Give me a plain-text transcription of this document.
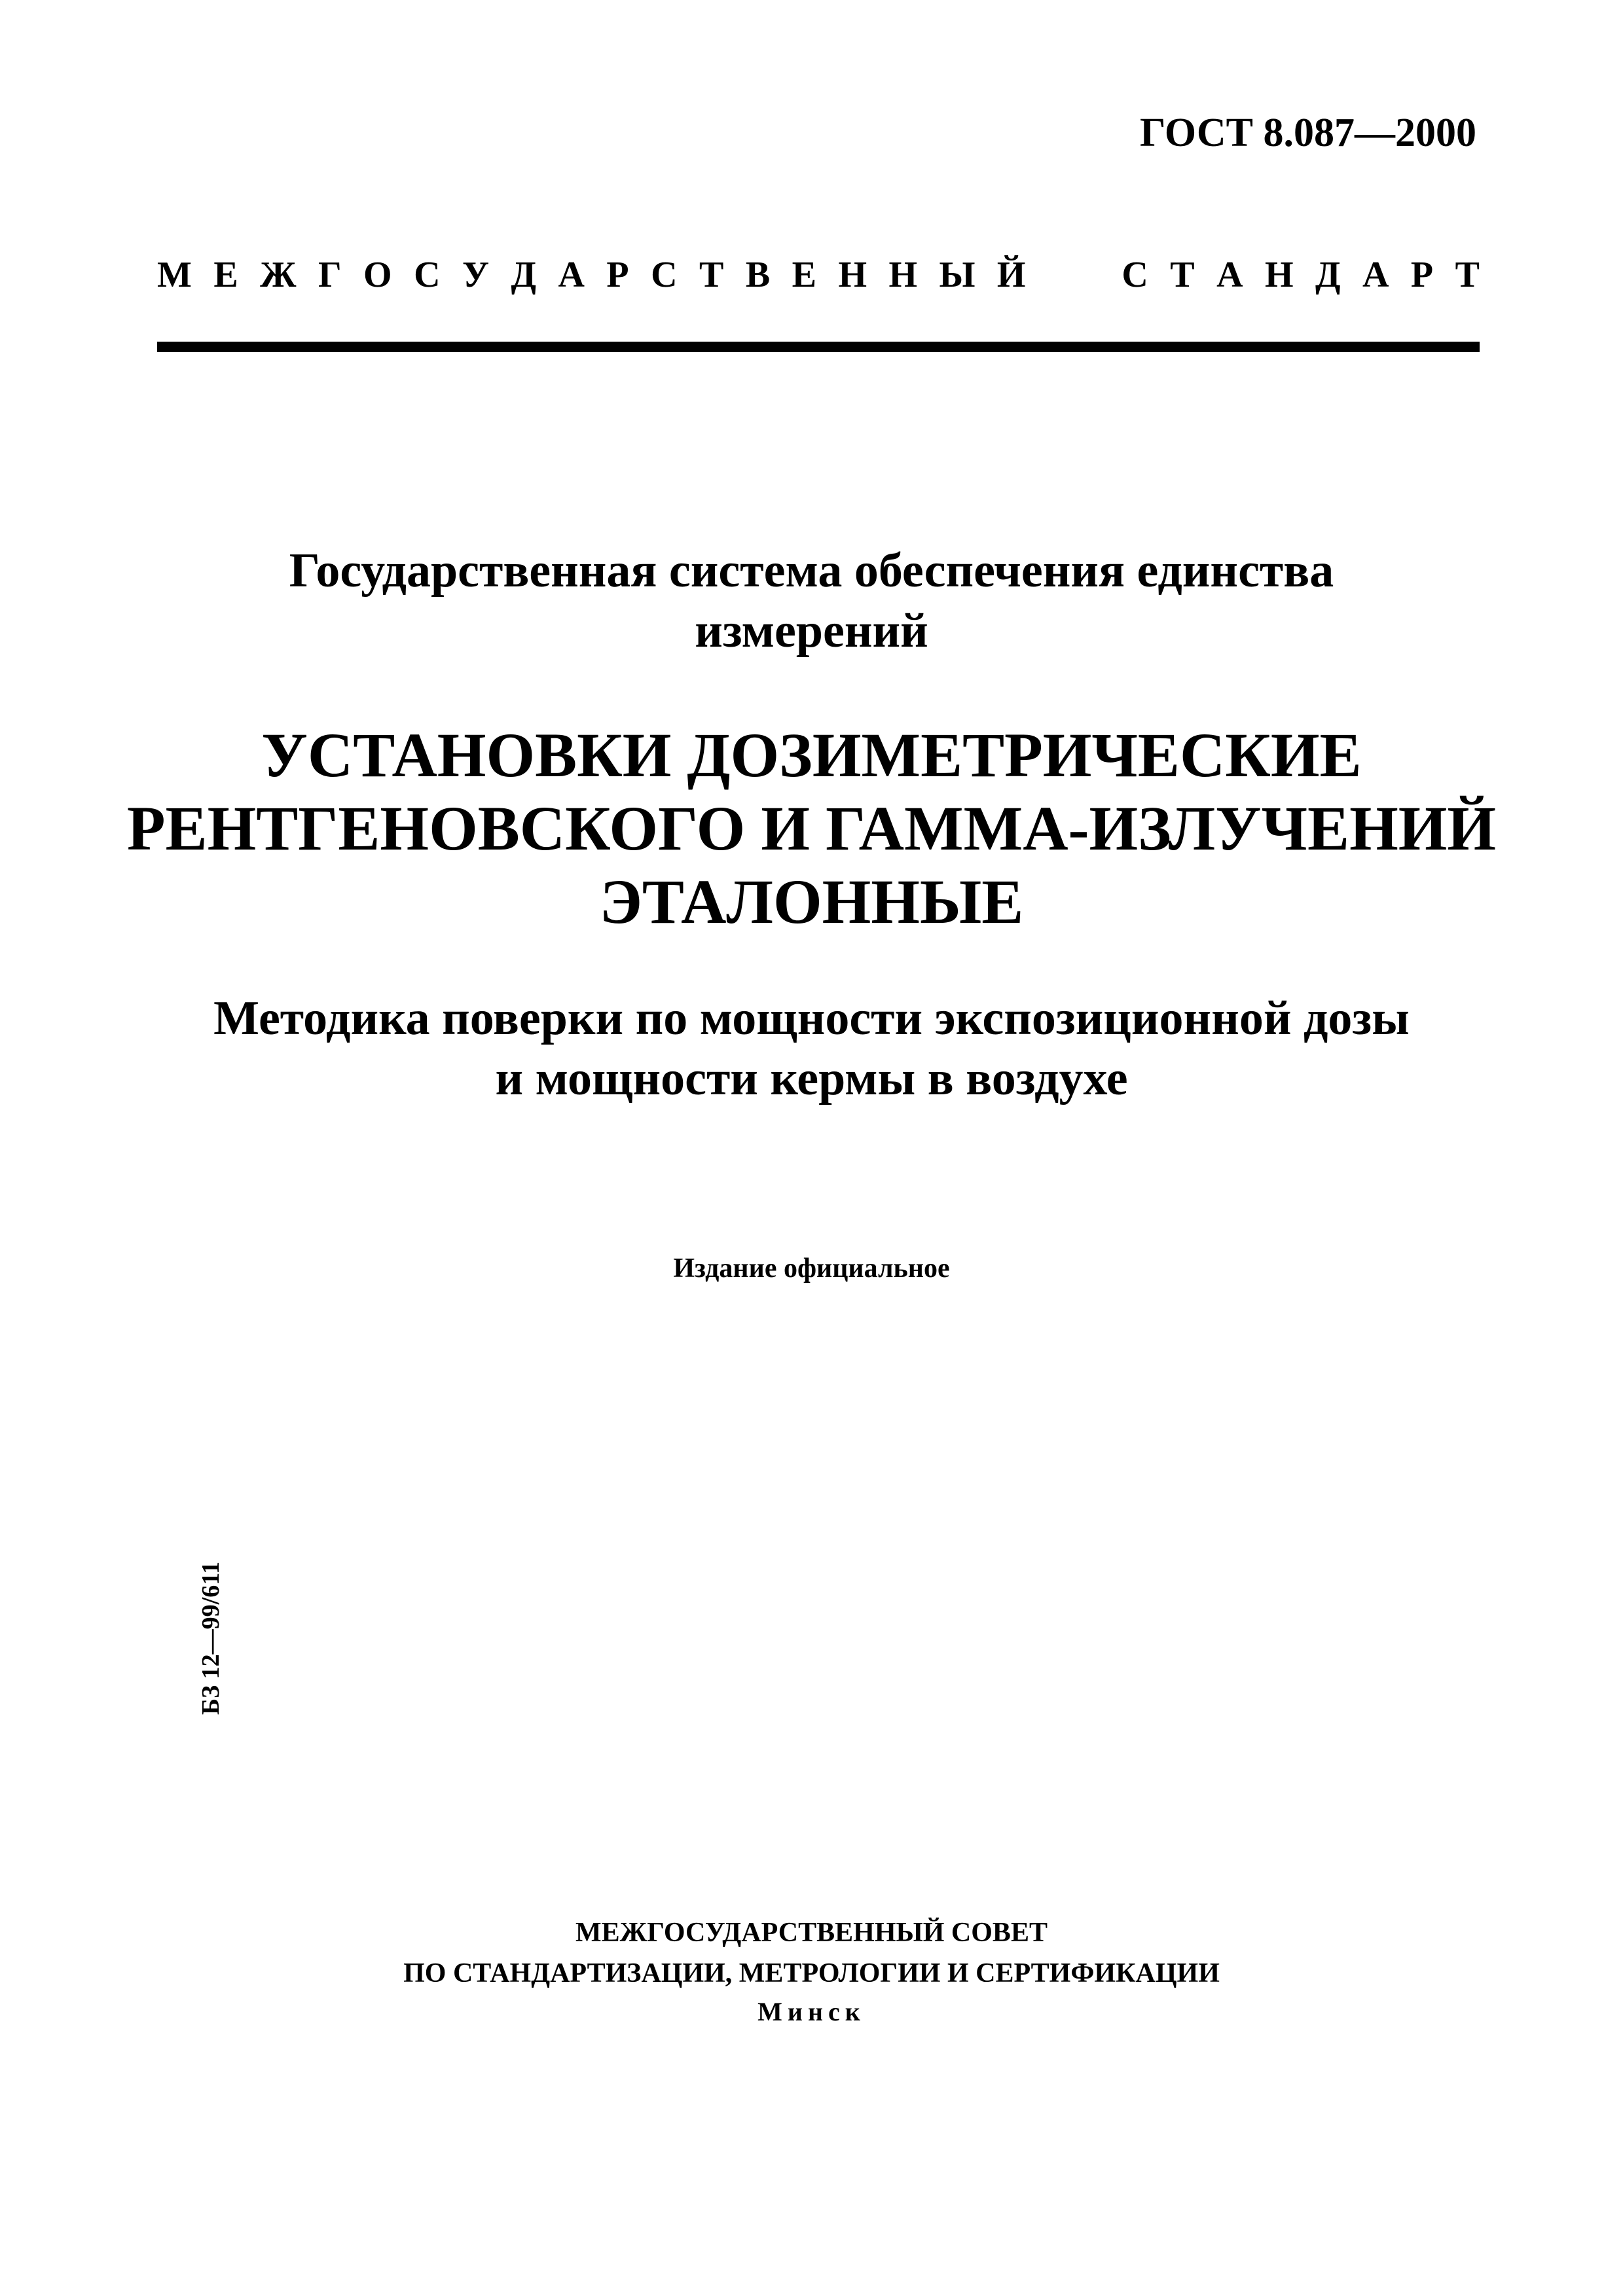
ГОСТ 8.087—2000
М Е Ж Г О С У Д А Р С Т В Е Н Н Ы Й	С Т А Н Д А Р Т
Государственная система обеспечения единства
измерений
УСТАНОВКИ ДОЗИМЕТРИЧЕСКИЕ
РЕНТГЕНОВСКОГО И ГАММА-ИЗЛУЧЕНИЙ
ЭТАЛОННЫЕ
Методика поверки по мощности экспозиционной дозы
и мощности кермы в воздухе
Издание официальное
БЗ 12—99/611
МЕЖГОСУДАРСТВЕННЫЙ СОВЕТ
ПО СТАНДАРТИЗАЦИИ, МЕТРОЛОГИИ И СЕРТИФИКАЦИИ
Минск
